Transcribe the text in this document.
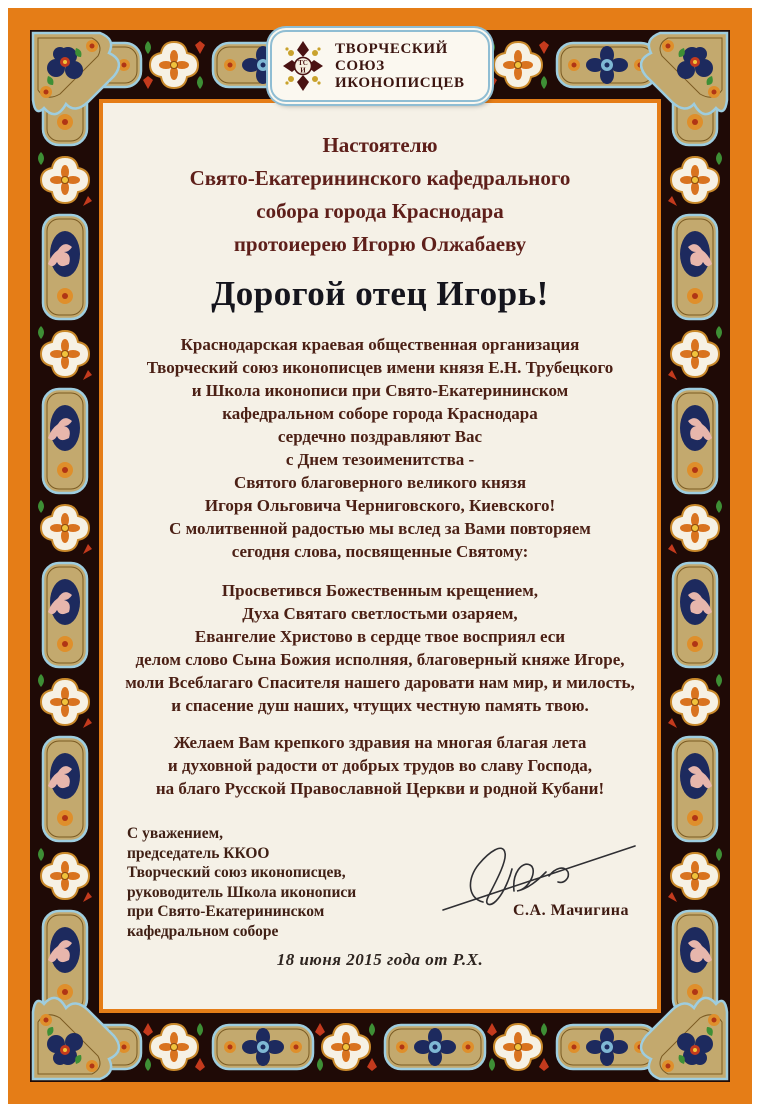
ТС
И
ТВОРЧЕСКИЙ
СОЮЗ
ИКОНОПИСЦЕВ
Настоятелю
Свято-Екатерининского кафедрального
собора города Краснодара
протоиерею Игорю Олжабаеву
Дорогой отец Игорь!
Краснодарская краевая общественная организация
Творческий союз иконописцев имени князя Е.Н. Трубецкого
и Школа иконописи при Свято-Екатерининском
кафедральном соборе города Краснодара
сердечно поздравляют Вас
с Днем тезоименитства -
Святого благоверного великого князя
Игоря Ольговича Черниговского, Киевского!
С молитвенной радостью мы вслед за Вами повторяем
сегодня слова, посвященные Святому:
Просветився Божественным крещением,
Духа Святаго светлостьми озаряем,
Евангелие Христово в сердце твое восприял еси
делом слово Сына Божия исполняя, благоверный княже Игоре,
моли Всеблагаго Спасителя нашего даровати нам мир, и милость,
и спасение душ наших, чтущих честную память твою.
Желаем Вам крепкого здравия на многая благая лета
и духовной радости от добрых трудов во славу Господа,
на благо Русской Православной Церкви и родной Кубани!
С уважением,
председатель ККОО
Творческий союз иконописцев,
руководитель Школа иконописи
при Свято-Екатерининском
кафедральном соборе
С.А. Мачигина
18 июня 2015 года от Р.Х.
